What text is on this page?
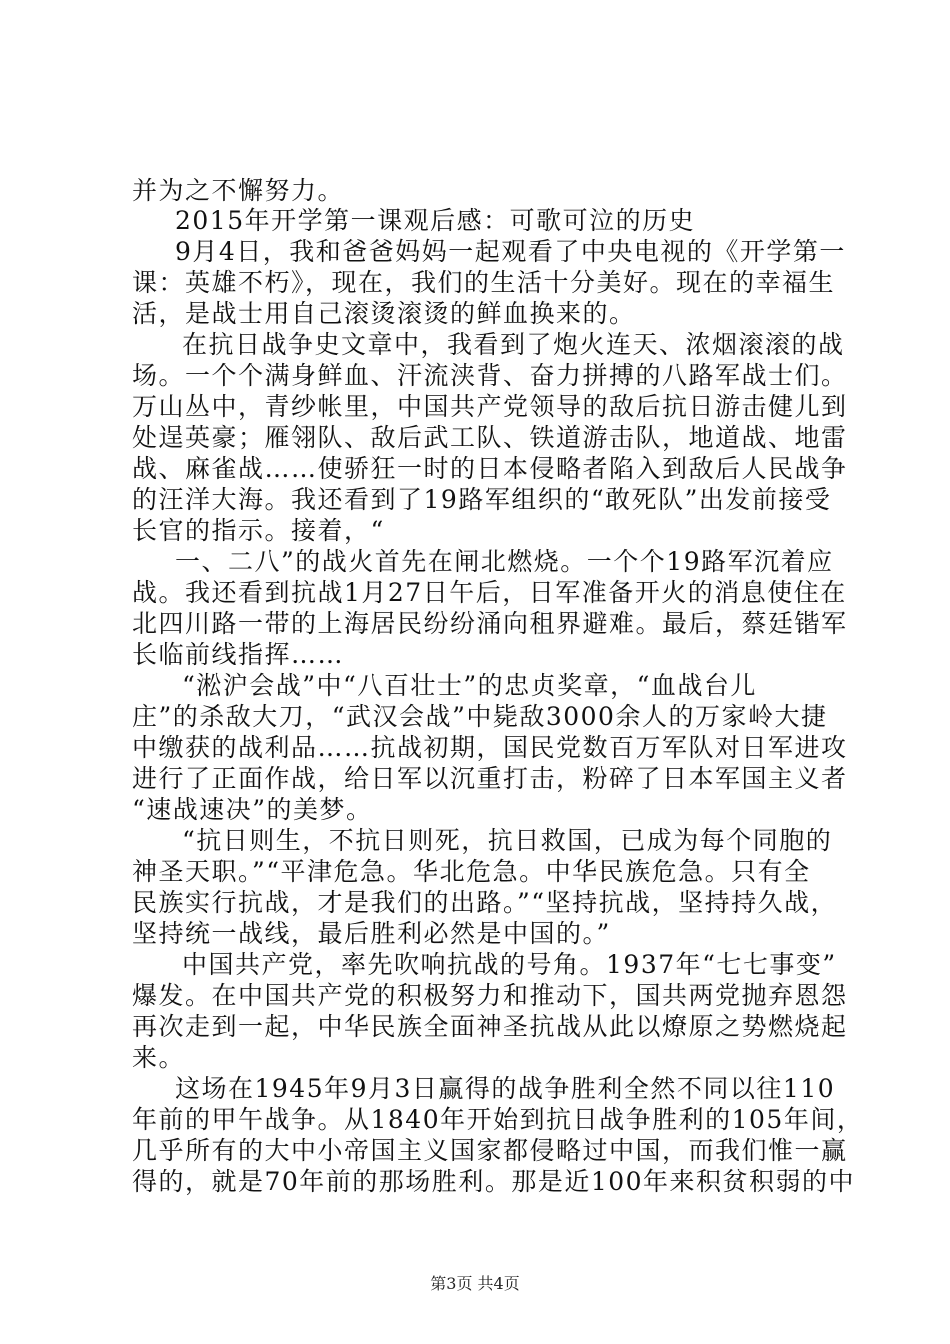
并为之不懈努力。
2015年开学第一课观后感：可歌可泣的历史
9月4日，我和爸爸妈妈一起观看了中央电视的《开学第一
课：英雄不朽》，现在，我们的生活十分美好。现在的幸福生
活，是战士用自己滚烫滚烫的鲜血换来的。
在抗日战争史文章中，我看到了炮火连天、浓烟滚滚的战
场。一个个满身鲜血、汗流浃背、奋力拼搏的八路军战士们。
万山丛中，青纱帐里，中国共产党领导的敌后抗日游击健儿到
处逞英豪；雁翎队、敌后武工队、铁道游击队，地道战、地雷
战、麻雀战……使骄狂一时的日本侵略者陷入到敌后人民战争
的汪洋大海。我还看到了19路军组织的“敢死队”出发前接受
长官的指示。接着，“
一、二八”的战火首先在闸北燃烧。一个个19路军沉着应
战。我还看到抗战1月27日午后，日军准备开火的消息使住在
北四川路一带的上海居民纷纷涌向租界避难。最后，蔡廷锴军
长临前线指挥……
“淞沪会战”中“八百壮士”的忠贞奖章，“血战台儿
庄”的杀敌大刀，“武汉会战”中毙敌3000余人的万家岭大捷
中缴获的战利品……抗战初期，国民党数百万军队对日军进攻
进行了正面作战，给日军以沉重打击，粉碎了日本军国主义者
“速战速决”的美梦。
“抗日则生，不抗日则死，抗日救国，已成为每个同胞的
神圣天职。”“平津危急。华北危急。中华民族危急。只有全
民族实行抗战，才是我们的出路。”“坚持抗战，坚持持久战，
坚持统一战线，最后胜利必然是中国的。”
中国共产党，率先吹响抗战的号角。1937年“七七事变”
爆发。在中国共产党的积极努力和推动下，国共两党抛弃恩怨
再次走到一起，中华民族全面神圣抗战从此以燎原之势燃烧起
来。
这场在1945年9月3日赢得的战争胜利全然不同以往110
年前的甲午战争。从1840年开始到抗日战争胜利的105年间，
几乎所有的大中小帝国主义国家都侵略过中国，而我们惟一赢
得的，就是70年前的那场胜利。那是近100年来积贫积弱的中
第3页 共4页
